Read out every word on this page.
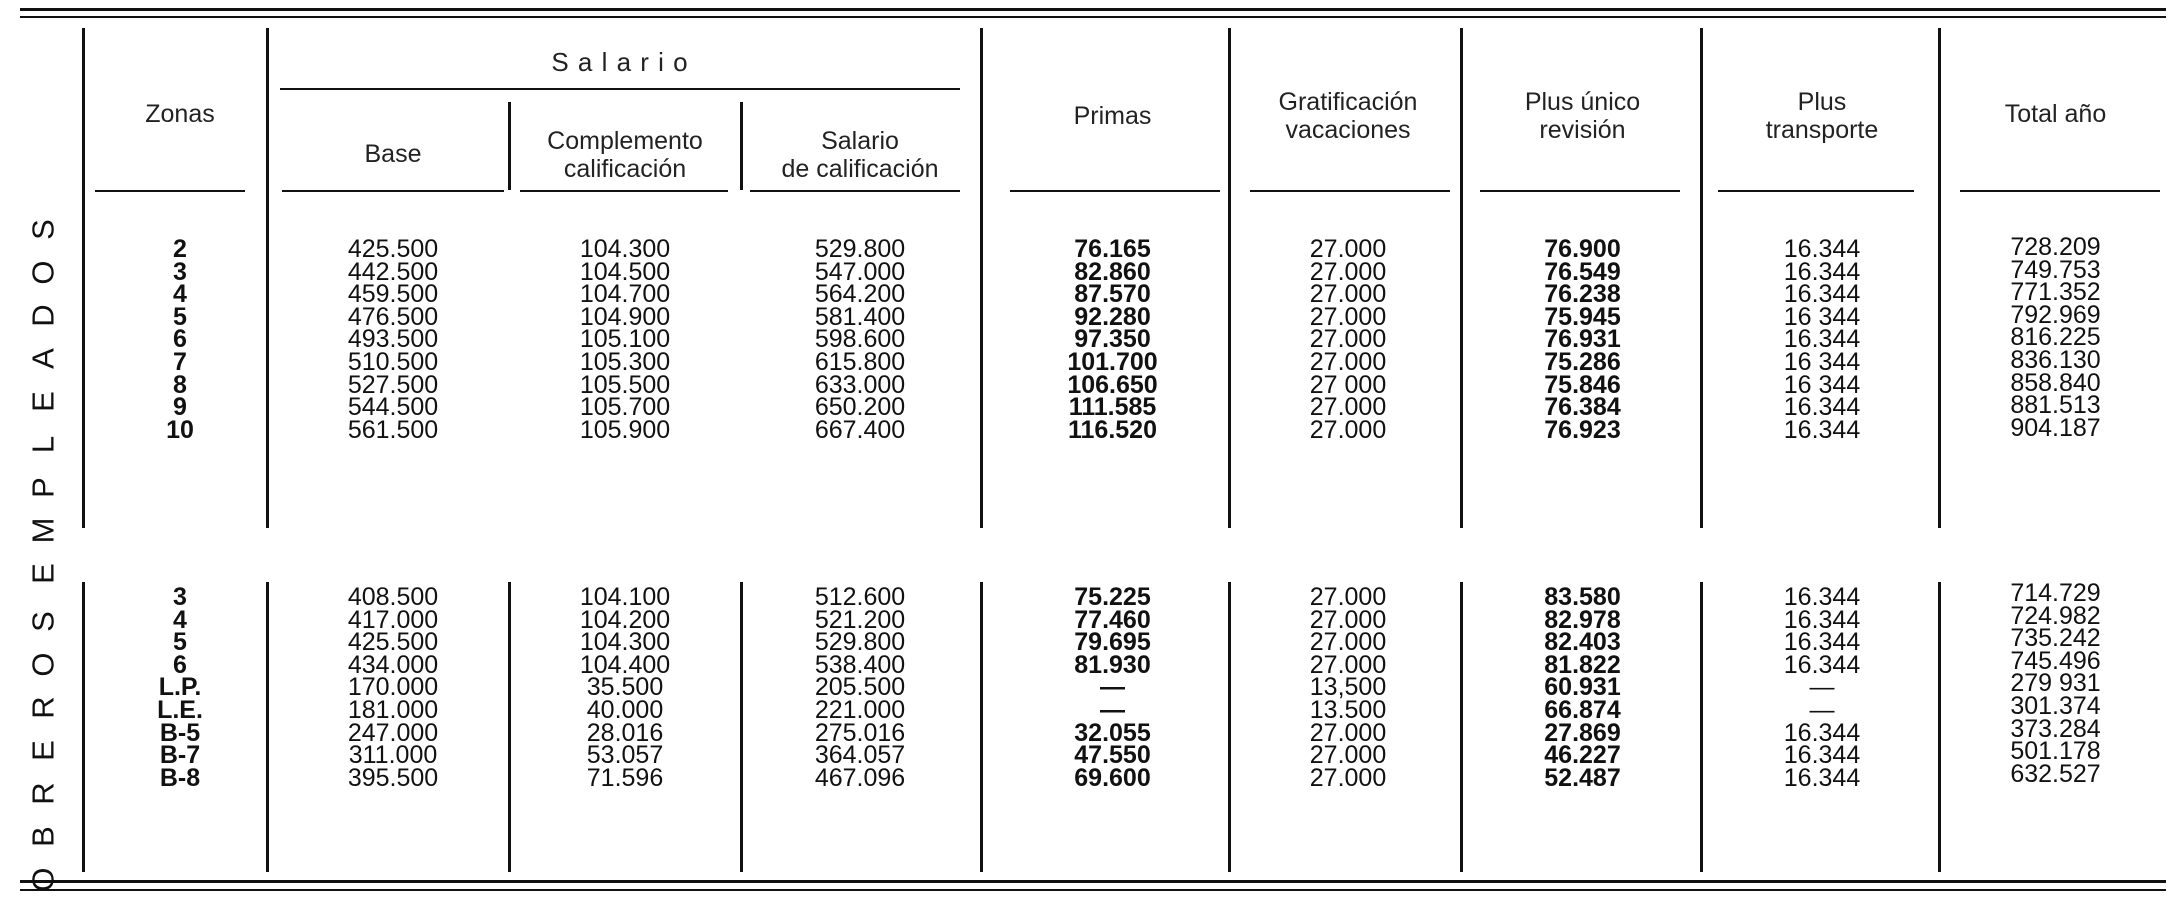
Zonas
S a l a r i o
Base	Complemento
calificación
Salario
de calificación
Primas	Gratificación
vacaciones
Plus único
revisión
Plus
transporte
Total año
S
O
D
A
E
L
P
M
E
S
O
R
E
R
B
O
2
3
4
5
6
7
8
9
10
3
4
5
6
L.P.
L.E.
B-5
B-7
B-8
425.500
442.500
459.500
476.500
493.500
510.500
527.500
544.500
561.500
408.500
417.000
425.500
434.000
170.000
181.000
247.000
311.000
395.500
104.300
104.500
104.700
104.900
105.100
105.300
105.500
105.700
105.900
104.100
104.200
104.300
104.400
35.500
40.000
28.016
53.057
71.596
529.800
547.000
564.200
581.400
598.600
615.800
633.000
650.200
667.400
512.600
521.200
529.800
538.400
205.500
221.000
275.016
364.057
467.096
76.165
82.860
87.570
92.280
97.350
101.700
106.650
111.585
116.520
75.225
77.460
79.695
81.930
—
—
32.055
47.550
69.600
27.000
27.000
27.000
27.000
27.000
27.000
27 000
27.000
27.000
27.000
27.000
27.000
27.000
13,500
13.500
27.000
27.000
27.000
76.900
76.549
76.238
75.945
76.931
75.286
75.846
76.384
76.923
83.580
82.978
82.403
81.822
60.931
66.874
27.869
46.227
52.487
16.344
16.344
16.344
16 344
16.344
16 344
16 344
16.344
16.344
16.344
16.344
16.344
16.344
—
—
16.344
16.344
16.344
728.209
749.753
771.352
792.969
816.225
836.130
858.840
881.513
904.187
714.729
724.982
735.242
745.496
279 931
301.374
373.284
501.178
632.527
